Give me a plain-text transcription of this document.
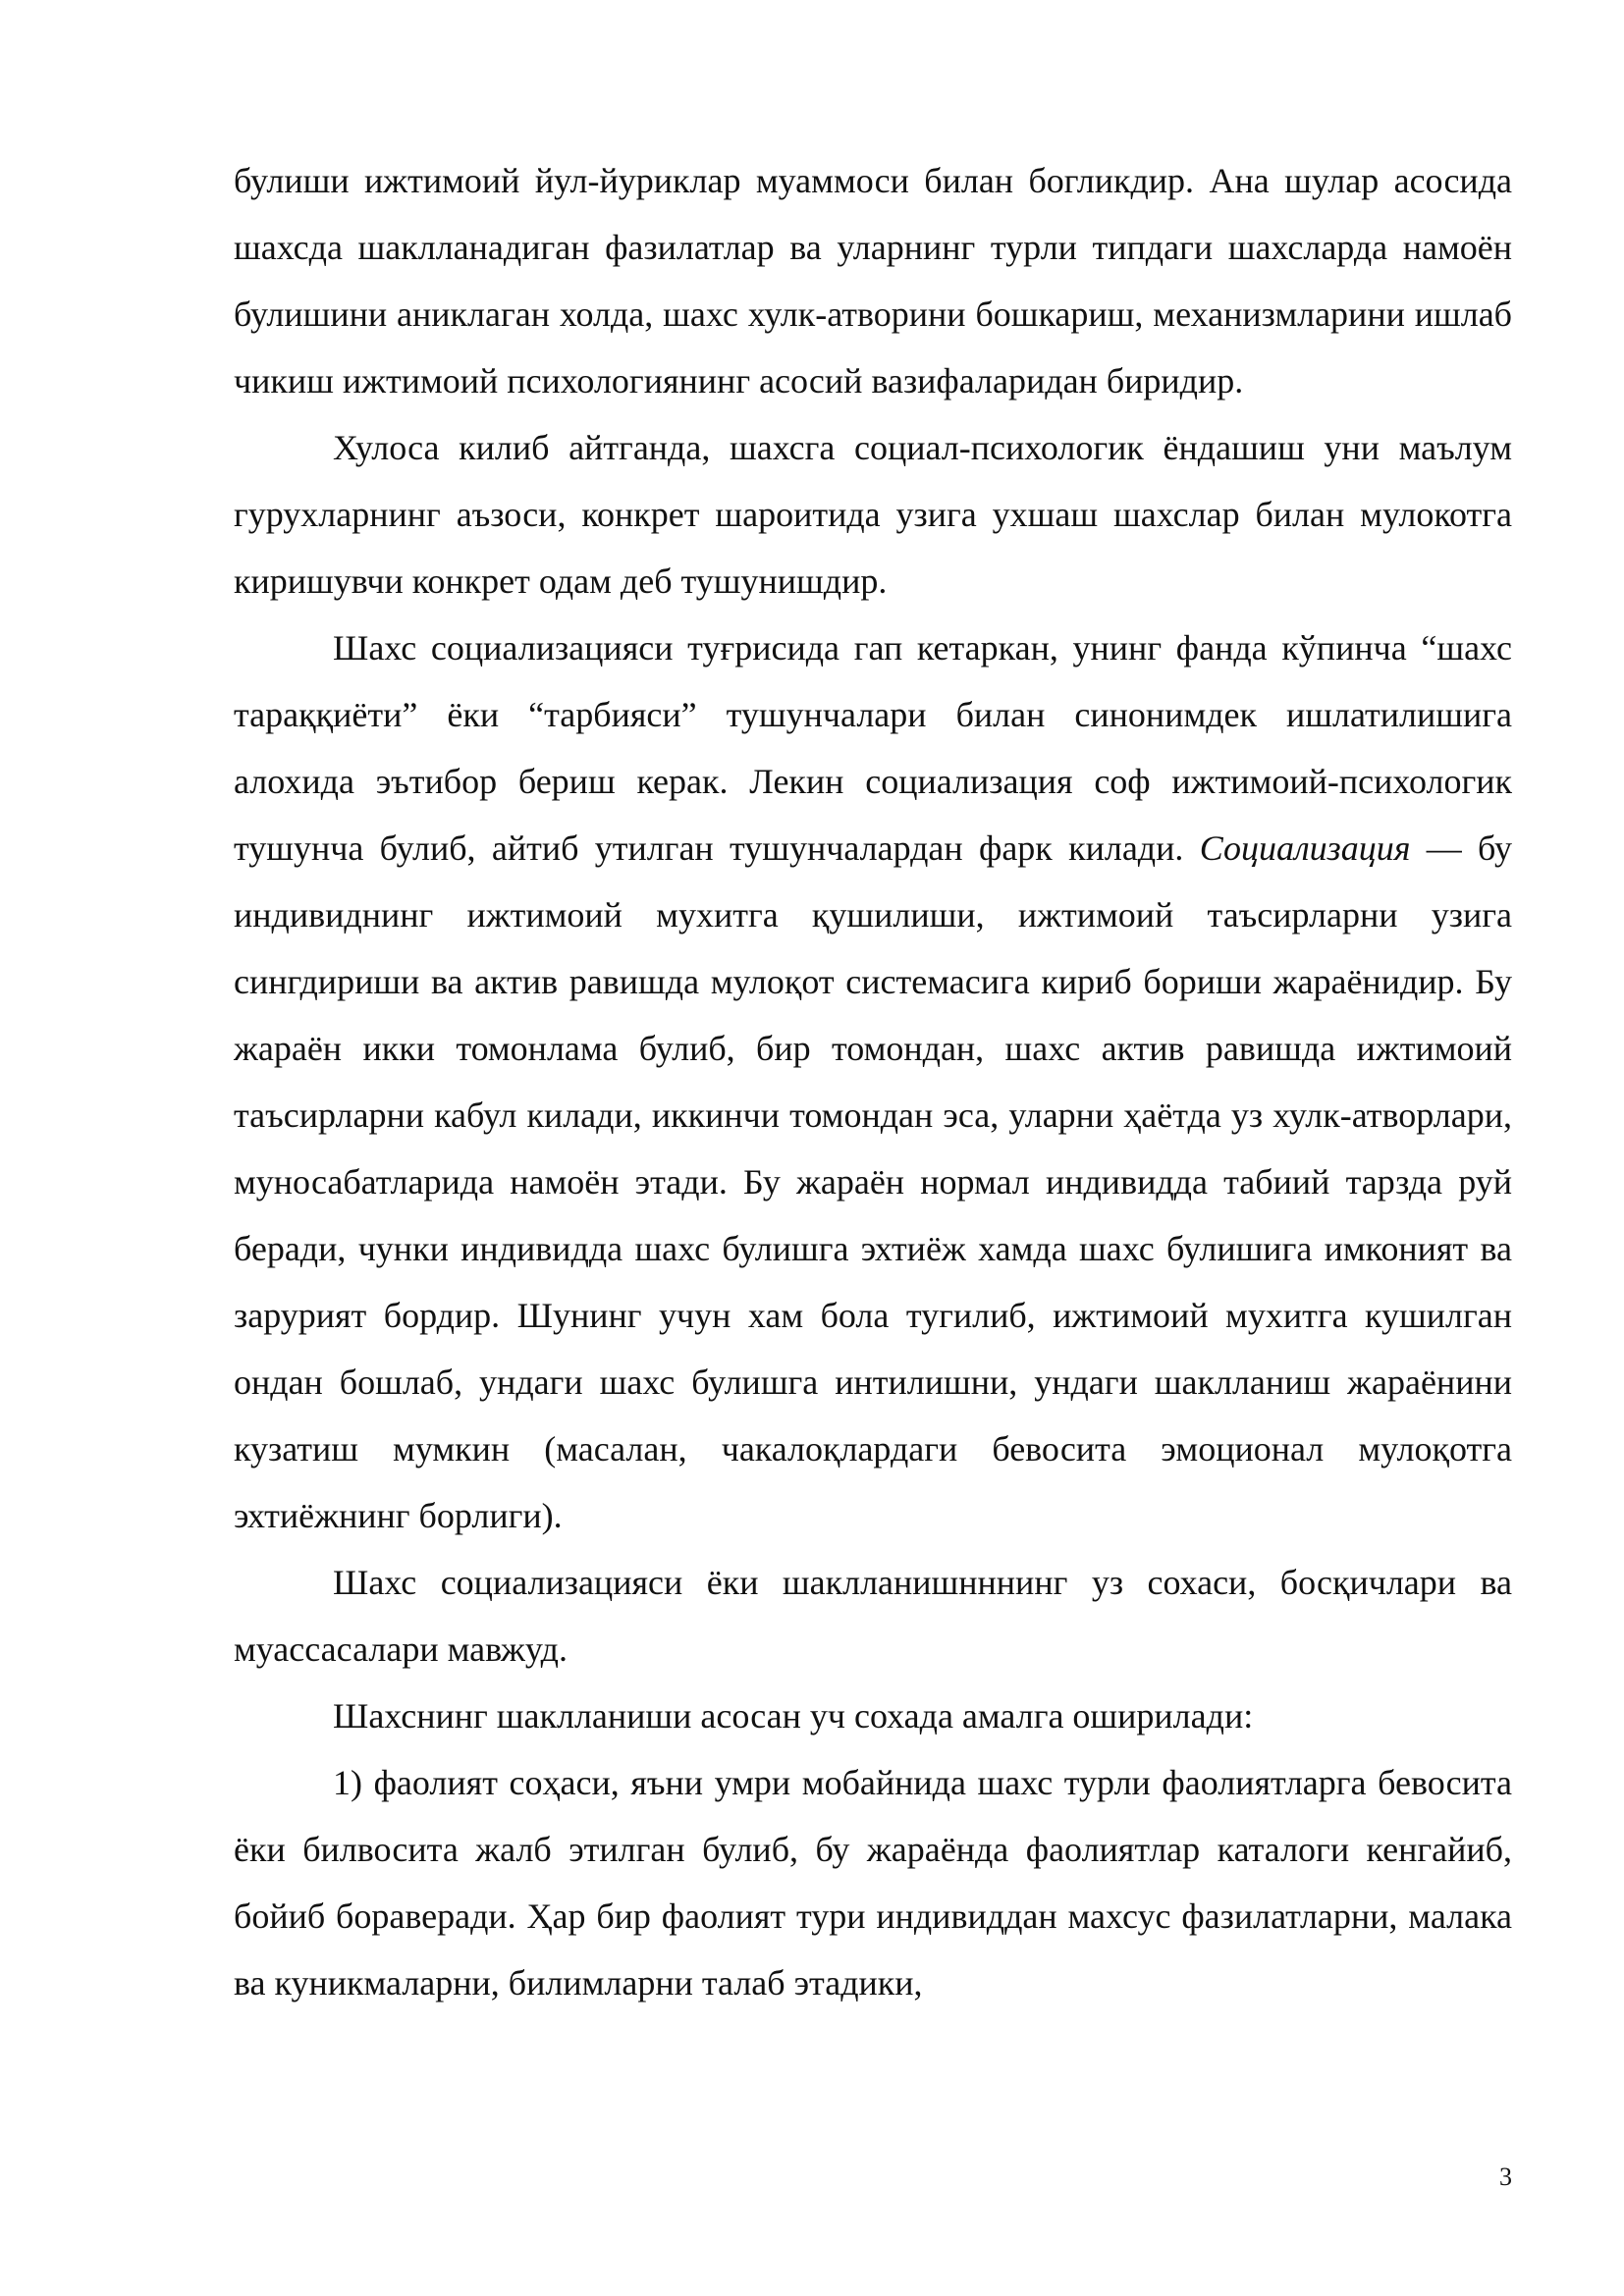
булиши ижтимоий йул-йуриклар муаммоси билан богликдир. Ана шулар асосида шахсда шаклланадиган фазилатлар ва уларнинг турли типдаги шахсларда намоён булишини аниклаган холда, шахс хулк-атворини бошкариш, механизмларини ишлаб чикиш ижтимоий психологиянинг асосий вазифаларидан биридир.

Хулоса килиб айтганда, шахсга социал-психологик ёндашиш уни маълум гурухларнинг аъзоси, конкрет шароитида узига ухшаш шахслар билан мулокотга киришувчи конкрет одам деб тушунишдир.

Шахс социализацияси туғрисида гап кетаркан, унинг фанда кўпинча “шахс тараққиёти” ёки “тарбияси” тушунчалари билан синонимдек ишлатилишига алохида эътибор бериш керак. Лекин социализация соф ижтимоий-психологик тушунча булиб, айтиб утилган тушунчалардан фарк килади. Социализация — бу индивиднинг ижтимоий мухитга қушилиши, ижтимоий таъсирларни узига сингдириши ва актив равишда мулоқот системасига кириб бориши жараёнидир. Бу жараён икки томонлама булиб, бир томондан, шахс актив равишда ижтимоий таъсирларни кабул килади, иккинчи томондан эса, уларни ҳаётда уз хулк-атворлари, муносабатларида намоён этади. Бу жараён нормал индивидда табиий тарзда руй беради, чунки индивидда шахс булишга эхтиёж хамда шахс булишига имконият ва зарурият бордир. Шунинг учун хам бола тугилиб, ижтимоий мухитга кушилган ондан бошлаб, ундаги шахс булишга интилишни, ундаги шаклланиш жараёнини кузатиш мумкин (масалан, чакалоқлардаги бевосита эмоционал мулоқотга эхтиёжнинг борлиги).

Шахс социализацияси ёки шаклланишнннинг уз сохаси, босқичлари ва муассасалари мавжуд.

Шахснинг шаклланиши асосан уч сохада амалга оширилади:

1) фаолият соҳаси, яъни умри мобайнида шахс турли фаолиятларга бевосита ёки билвосита жалб этилган булиб, бу жараёнда фаолиятлар каталоги кенгайиб, бойиб бораверади. Ҳар бир фаолият тури индивиддан махсус фазилатларни, малака ва куникмаларни, билимларни талаб этадики,

3
